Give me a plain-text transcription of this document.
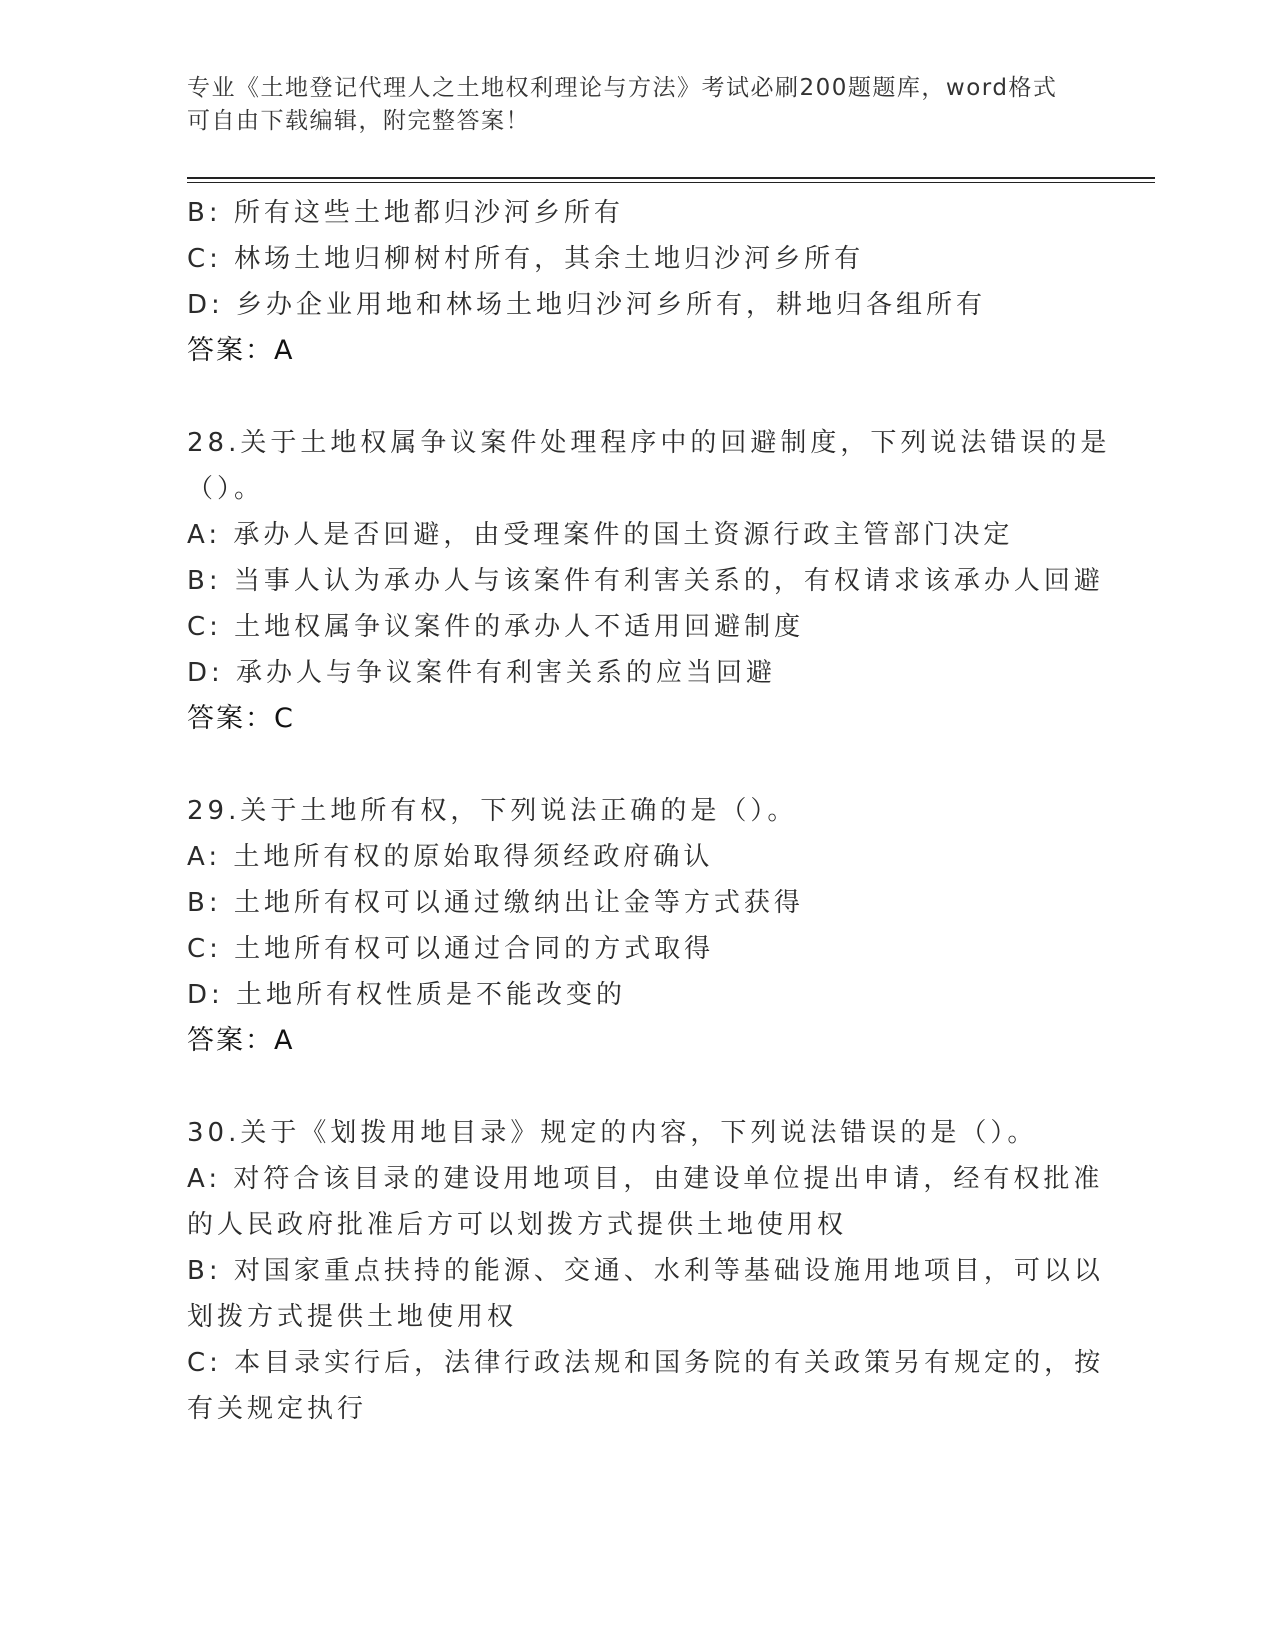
专业《土地登记代理人之土地权利理论与方法》考试必刷200题题库，word格式
可自由下载编辑，附完整答案！
B: 所有这些土地都归沙河乡所有
C: 林场土地归柳树村所有，其余土地归沙河乡所有
D: 乡办企业用地和林场土地归沙河乡所有，耕地归各组所有
答案：A
28.关于土地权属争议案件处理程序中的回避制度，下列说法错误的是
（）。
A: 承办人是否回避，由受理案件的国土资源行政主管部门决定
B: 当事人认为承办人与该案件有利害关系的，有权请求该承办人回避
C: 土地权属争议案件的承办人不适用回避制度
D: 承办人与争议案件有利害关系的应当回避
答案：C
29.关于土地所有权，下列说法正确的是（）。
A: 土地所有权的原始取得须经政府确认
B: 土地所有权可以通过缴纳出让金等方式获得
C: 土地所有权可以通过合同的方式取得
D: 土地所有权性质是不能改变的
答案：A
30.关于《划拨用地目录》规定的内容，下列说法错误的是（）。
A: 对符合该目录的建设用地项目，由建设单位提出申请，经有权批准
的人民政府批准后方可以划拨方式提供土地使用权
B: 对国家重点扶持的能源、交通、水利等基础设施用地项目，可以以
划拨方式提供土地使用权
C: 本目录实行后，法律行政法规和国务院的有关政策另有规定的，按
有关规定执行
